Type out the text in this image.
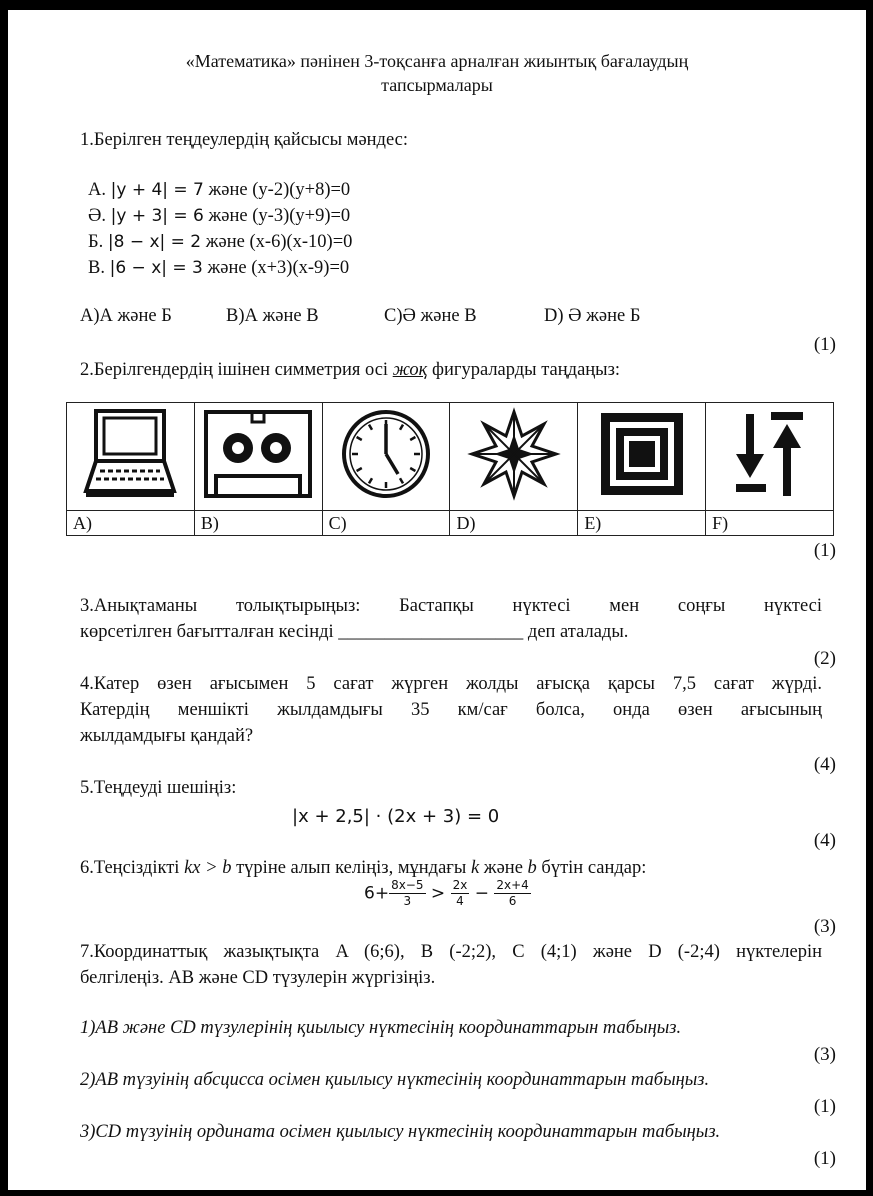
«Математика» пәнінен 3-тоқсанға арналған жиынтық бағалаудың
тапсырмалары
1.Берілген теңдеулердің қайсысы мәндес:
А. |y + 4| = 7 және (у-2)(у+8)=0
Ә. |y + 3| = 6 және (у-3)(у+9)=0
Б. |8 − x| = 2 және (х-6)(х-10)=0
В. |6 − x| = 3 және (х+3)(х-9)=0
A)А және Б	B)А және В	C)Ә және В	D) Ә және Б
(1)
2.Берілгендердің ішінен симметрия осі жоқ фигураларды таңдаңыз:

A)	B)	C)	D)	E)	F)
(1)
3.Анықтаманы толықтырыңыз: Бастапқы нүктесі мен соңғы нүктесі
көрсетілген бағытталған кесінді ____________________ деп аталады.
(2)
4.Катер өзен ағысымен 5 сағат жүрген жолды ағысқа қарсы 7,5 сағат жүрді.
Катердің меншікті жылдамдығы 35 км/сағ болса, онда өзен ағысының
жылдамдығы қандай?
(4)
5.Теңдеуді шешіңіз:
|x + 2,5| · (2x + 3) = 0
(4)
6.Теңсіздікті kx > b түріне алып келіңіз, мұндағы k және b бүтін сандар:
$6+ \frac{8x-5}{3} > \frac{2x}{4} - \frac{2x+4}{6}$
(3)
7.Координаттық жазықтықта A (6;6), B (-2;2), C (4;1) және D (-2;4) нүктелерін
белгілеңіз. AB және CD түзулерін жүргізіңіз.
1)AB және CD түзулерінің қиылысу нүктесінің координаттарын табыңыз.
(3)
2)AB түзуінің абсцисса осімен қиылысу нүктесінің координаттарын табыңыз.
(1)
3)CD түзуінің ордината осімен қиылысу нүктесінің координаттарын табыңыз.
(1)
